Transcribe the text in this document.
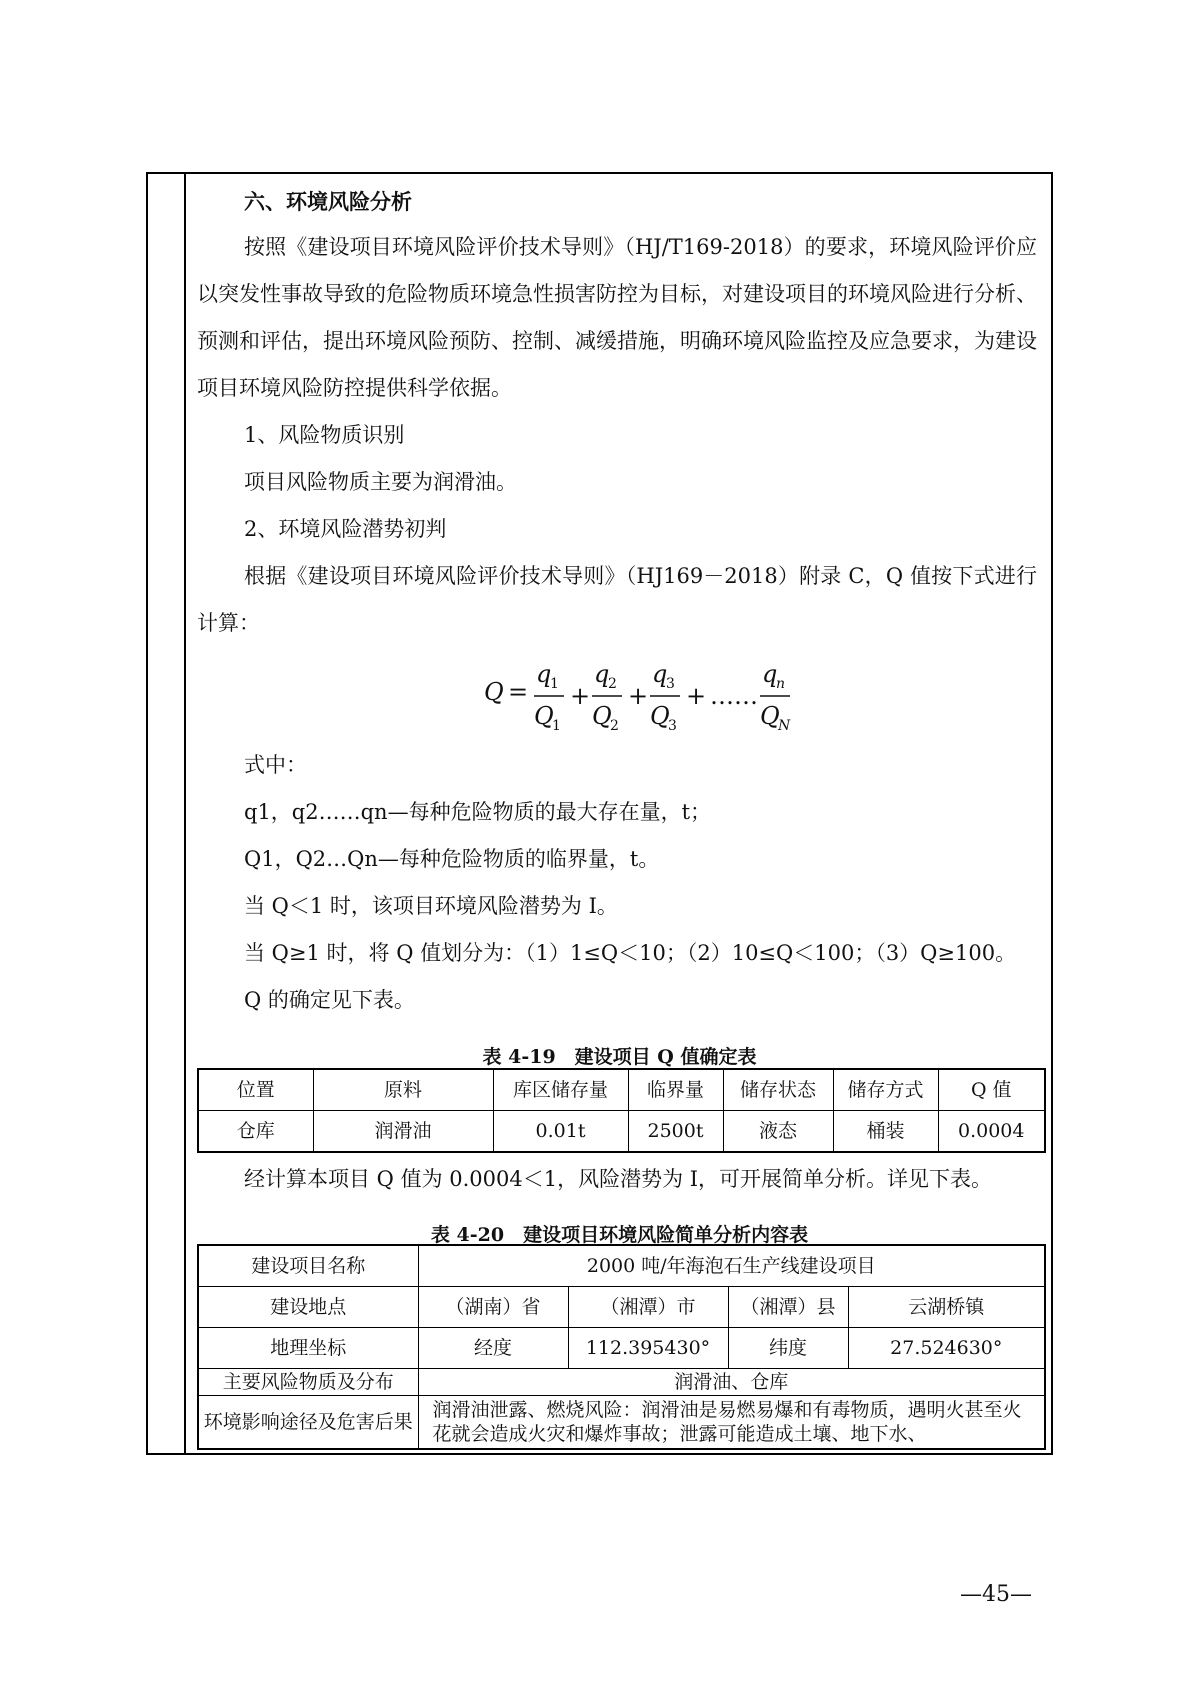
六、环境风险分析

按照《建设项目环境风险评价技术导则》（HJ/T169-2018）的要求，环境风险评价应以突发性事故导致的危险物质环境急性损害防控为目标，对建设项目的环境风险进行分析、预测和评估，提出环境风险预防、控制、减缓措施，明确环境风险监控及应急要求，为建设项目环境风险防控提供科学依据。

1、风险物质识别

项目风险物质主要为润滑油。

2、环境风险潜势初判

根据《建设项目环境风险评价技术导则》（HJ169－2018）附录 C，Q 值按下式进行计算：

Q =
q
1
Q
1
+
q
2
Q
2
+
q
3
Q
3
+ ……
q
n
Q
N

式中：

q1，q2……qn—每种危险物质的最大存在量，t；

Q1，Q2…Qn—每种危险物质的临界量，t。

当 Q＜1 时，该项目环境风险潜势为 I。

当 Q≥1 时，将 Q 值划分为：（1）1≤Q＜10；（2）10≤Q＜100；（3）Q≥100。

Q 的确定见下表。

表 4-19　建设项目 Q 值确定表
位置	原料	库区储存量	临界量	储存状态	储存方式	Q 值
仓库	润滑油	0.01t	2500t	液态	桶装	0.0004

经计算本项目 Q 值为 0.0004＜1，风险潜势为 I，可开展简单分析。详见下表。

表 4-20　建设项目环境风险简单分析内容表
建设项目名称	2000 吨/年海泡石生产线建设项目			
建设地点	（湖南）省	（湘潭）市	（湘潭）县	云湖桥镇
地理坐标	经度	112.395430°	纬度	27.524630°
主要风险物质及分布	润滑油、仓库			
环境影响途径及危害后果	润滑油泄露、燃烧风险：润滑油是易燃易爆和有毒物质，遇明火甚至火花就会造成火灾和爆炸事故；泄露可能造成土壤、地下水、			
—45—
